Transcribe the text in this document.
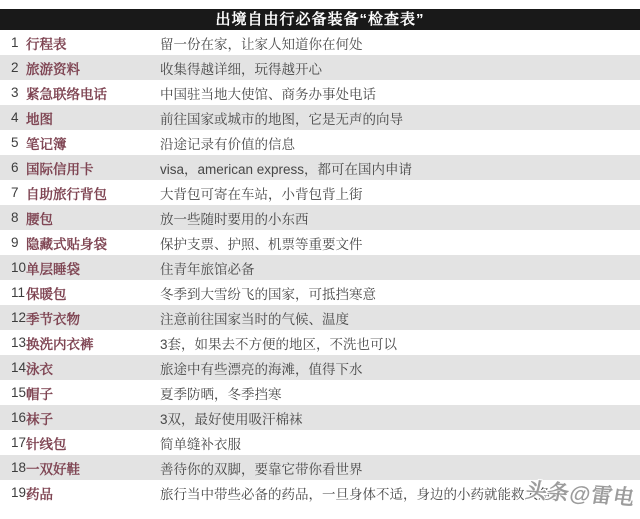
出境自由行必备装备“检查表”
1 行程表	留一份在家，让家人知道你在何处
2 旅游资料	收集得越详细，玩得越开心
3 紧急联络电话	中国驻当地大使馆、商务办事处电话
4 地图	前往国家或城市的地图，它是无声的向导
5 笔记簿	沿途记录有价值的信息
6 国际信用卡	visa，american express，都可在国内申请
7 自助旅行背包	大背包可寄在车站，小背包背上街
8 腰包	放一些随时要用的小东西
9 隐藏式贴身袋	保护支票、护照、机票等重要文件
10 单层睡袋	住青年旅馆必备
11 保暖包	冬季到大雪纷飞的国家，可抵挡寒意
12 季节衣物	注意前往国家当时的气候、温度
13 换洗内衣裤	3套，如果去不方便的地区，不洗也可以
14 泳衣	旅途中有些漂亮的海滩，值得下水
15 帽子	夏季防晒，冬季挡寒
16 袜子	3双，最好使用吸汗棉袜
17 针线包	简单缝补衣服
18 一双好鞋	善待你的双脚，要靠它带你看世界
19 药品	旅行当中带些必备的药品，一旦身体不适，身边的小药就能救大急
头条@雷电
